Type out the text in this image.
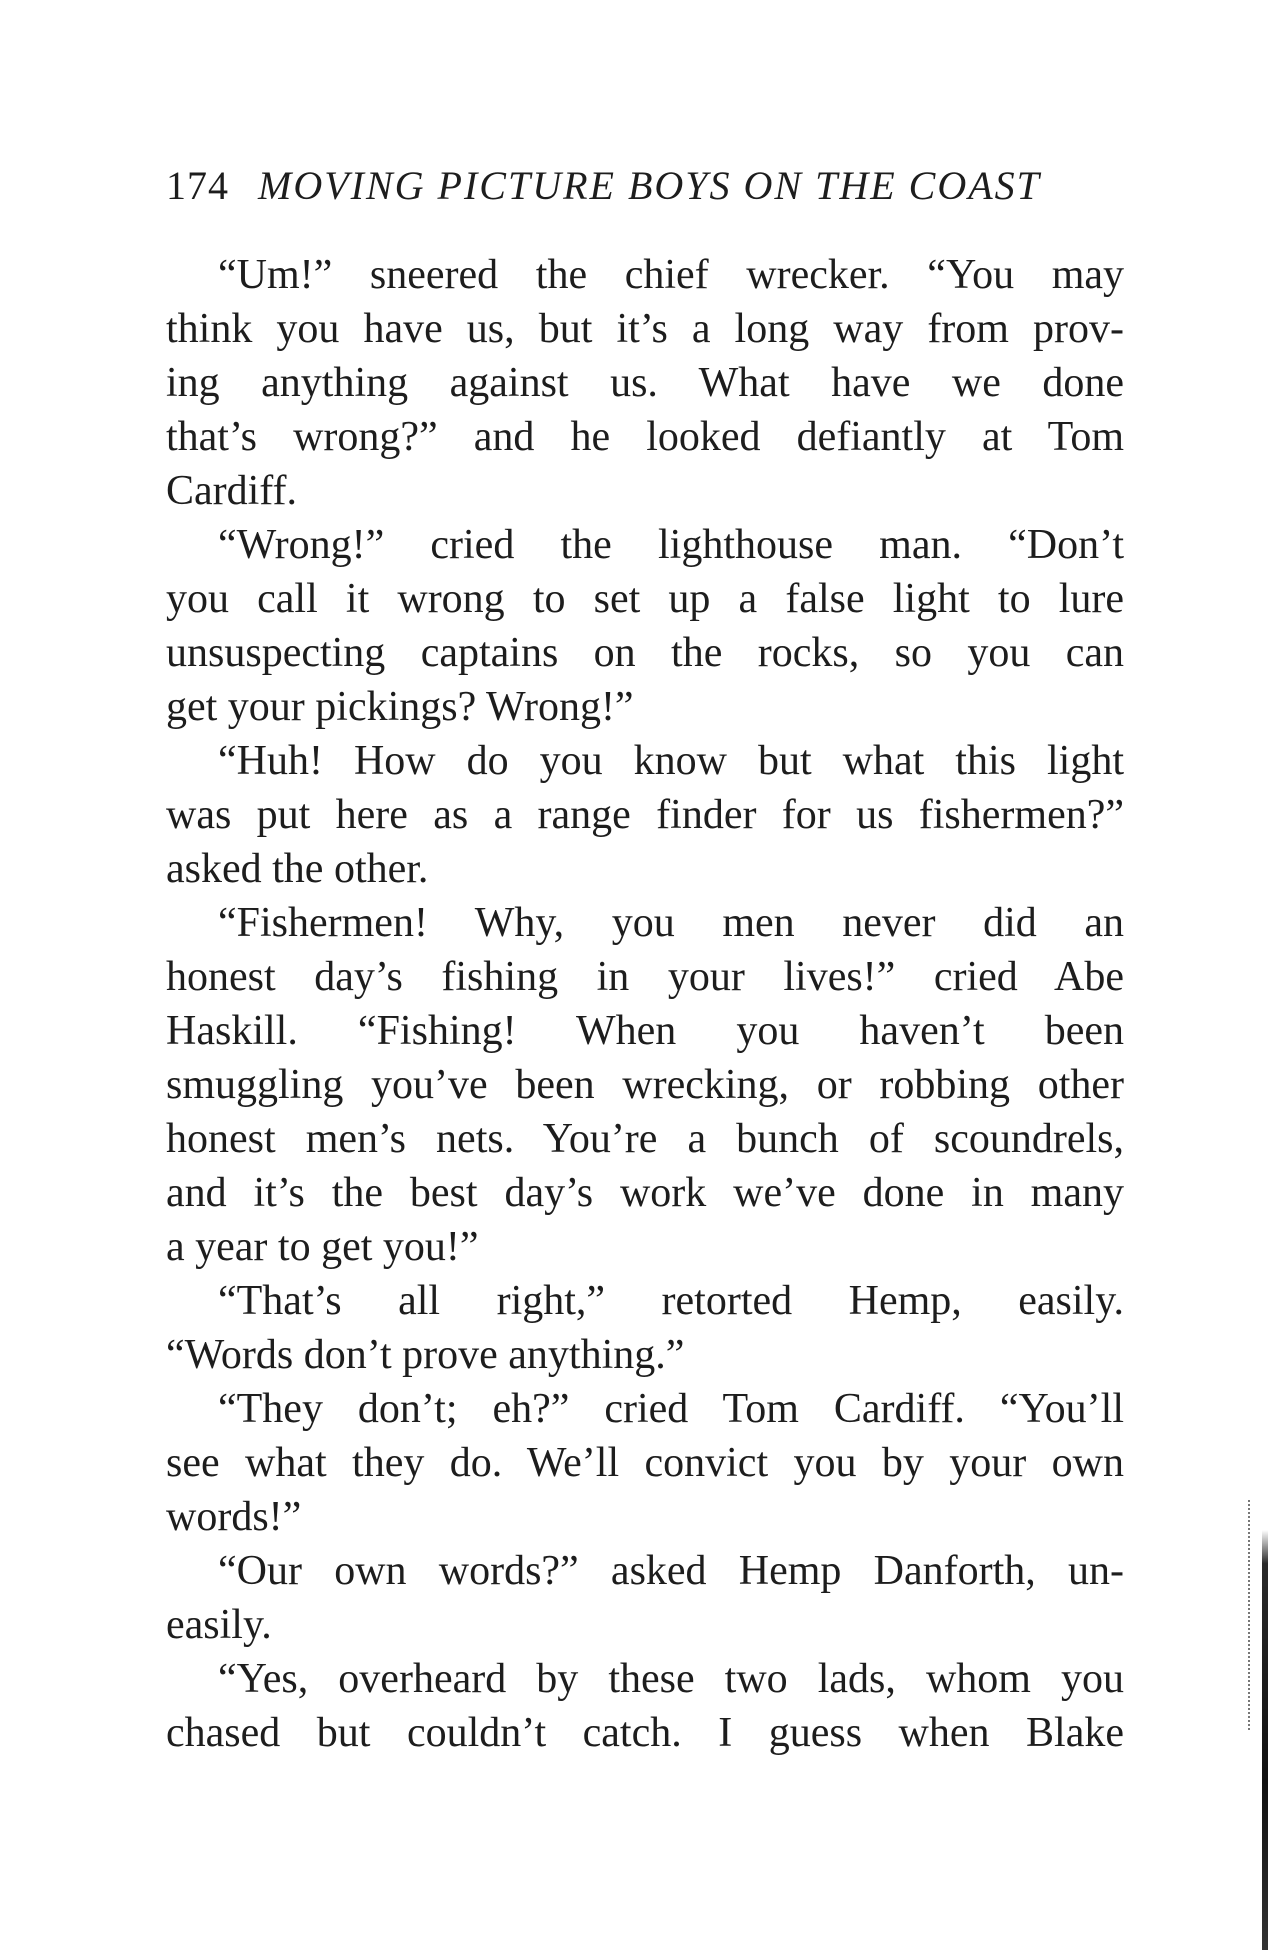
174 MOVING PICTURE BOYS ON THE COAST
“Um!” sneered the chief wrecker. “You may
think you have us, but it’s a long way from prov-
ing anything against us. What have we done
that’s wrong?” and he looked defiantly at Tom
Cardiff.
“Wrong!” cried the lighthouse man. “Don’t
you call it wrong to set up a false light to lure
unsuspecting captains on the rocks, so you can
get your pickings? Wrong!”
“Huh! How do you know but what this light
was put here as a range finder for us fishermen?”
asked the other.
“Fishermen! Why, you men never did an
honest day’s fishing in your lives!” cried Abe
Haskill. “Fishing! When you haven’t been
smuggling you’ve been wrecking, or robbing other
honest men’s nets. You’re a bunch of scoundrels,
and it’s the best day’s work we’ve done in many
a year to get you!”
“That’s all right,” retorted Hemp, easily.
“Words don’t prove anything.”
“They don’t; eh?” cried Tom Cardiff. “You’ll
see what they do. We’ll convict you by your own
words!”
“Our own words?” asked Hemp Danforth, un-
easily.
“Yes, overheard by these two lads, whom you
chased but couldn’t catch. I guess when Blake
